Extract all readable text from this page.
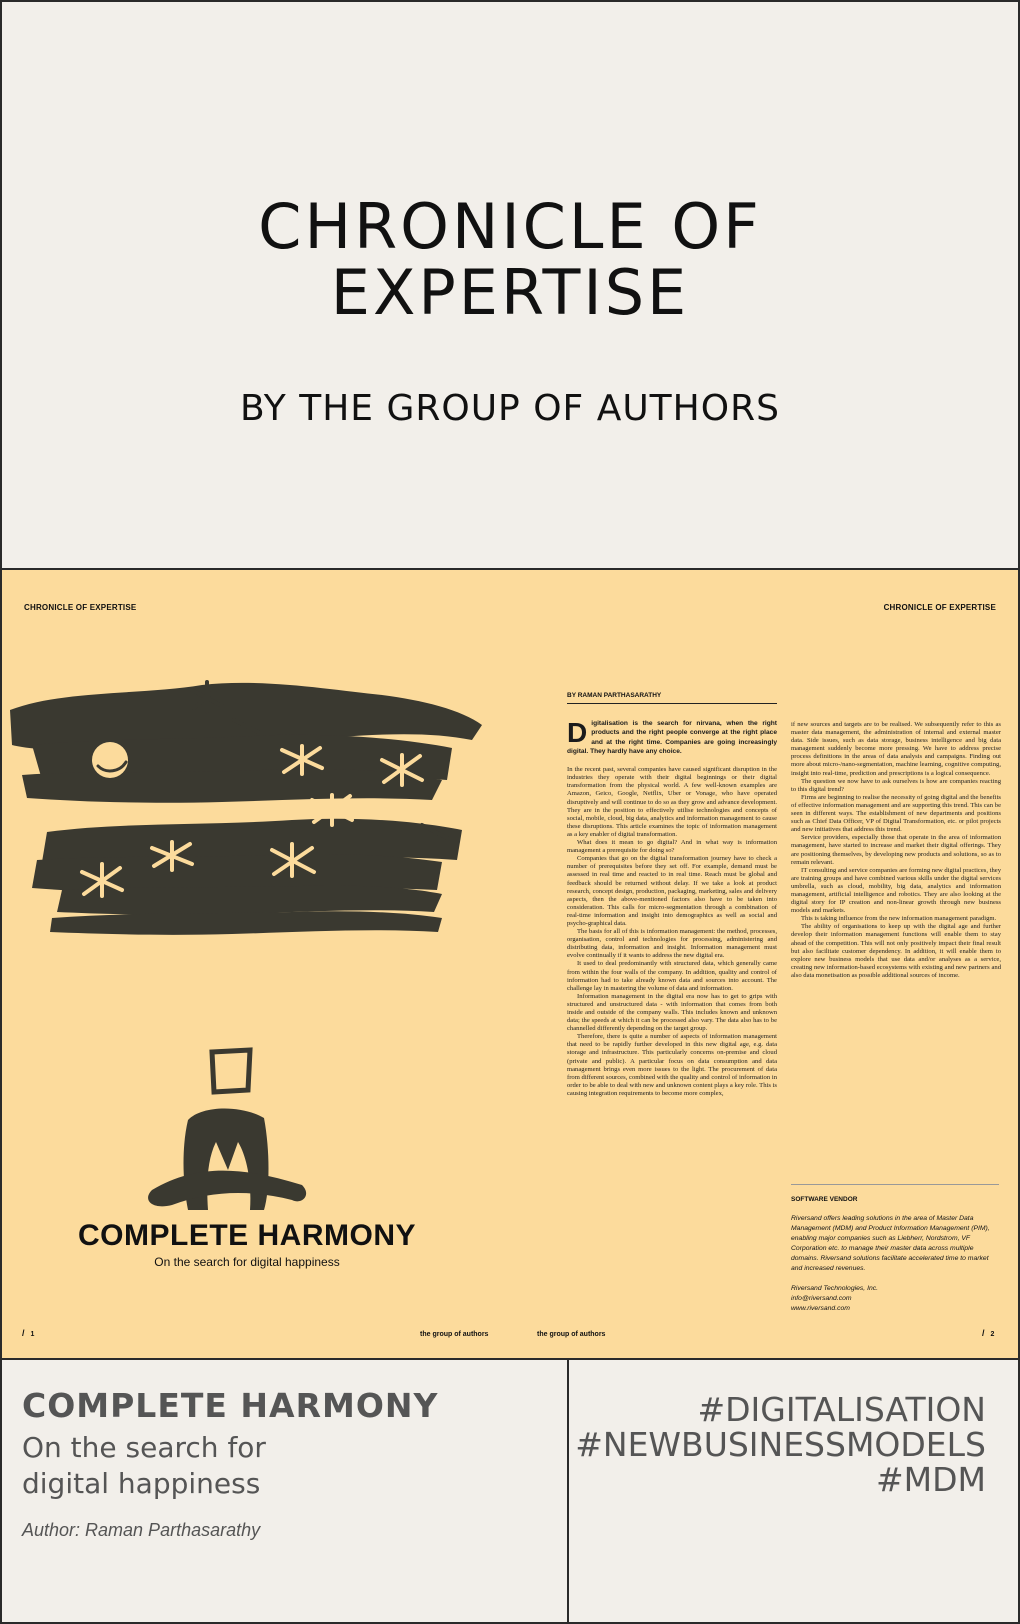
CHRONICLE OF
EXPERTISE
BY THE GROUP OF AUTHORS
CHRONICLE OF EXPERTISE	CHRONICLE OF EXPERTISE
COMPLETE HARMONY
On the search for digital happiness
/ 1	the group of authors	the group of authors	/ 2
BY RAMAN PARTHASARATHY

Digitalisation is the search for nirvana, when the right products and the right people converge at the right place and at the right time. Companies are going increasingly digital. They hardly have any choice.

In the recent past, several companies have caused significant disruption in the industries they operate with their digital beginnings or their digital transformation from the physical world. A few well-known examples are Amazon, Geico, Google, Netflix, Uber or Vonage, who have operated disruptively and will continue to do so as they grow and advance development. They are in the position to effectively utilise technologies and concepts of social, mobile, cloud, big data, analytics and information management to cause these disruptions. This article examines the topic of information management as a key enabler of digital transformation.

What does it mean to go digital? And in what way is information management a prerequisite for doing so?

Companies that go on the digital transformation journey have to check a number of prerequisites before they set off. For example, demand must be assessed in real time and reacted to in real time. Reach must be global and feedback should be returned without delay. If we take a look at product research, concept design, production, packaging, marketing, sales and delivery aspects, then the above-mentioned factors also have to be taken into consideration. This calls for micro-segmentation through a combination of real-time information and insight into demographics as well as social and psycho-graphical data.

The basis for all of this is information management: the method, processes, organisation, control and technologies for processing, administering and distributing data, information and insight. Information management must evolve continually if it wants to address the new digital era.

It used to deal predominantly with structured data, which generally came from within the four walls of the company. In addition, quality and control of information had to take already known data and sources into account. The challenge lay in mastering the volume of data and information.

Information management in the digital era now has to get to grips with structured and unstructured data - with information that comes from both inside and outside of the company walls. This includes known and unknown data; the speeds at which it can be processed also vary. The data also has to be channelled differently depending on the target group.

Therefore, there is quite a number of aspects of information management that need to be rapidly further developed in this new digital age, e.g. data storage and infrastructure. This particularly concerns on-premise and cloud (private and public). A particular focus on data consumption and data management brings even more issues to the light. The procurement of data from different sources, combined with the quality and control of information in order to be able to deal with new and unknown content plays a key role. This is causing integration requirements to become more complex,

if new sources and targets are to be realised. We subsequently refer to this as master data management, the administration of internal and external master data. Side issues, such as data storage, business intelligence and big data management suddenly become more pressing. We have to address precise process definitions in the areas of data analysis and campaigns. Finding out more about micro-/nano-segmentation, machine learning, cognitive computing, insight into real-time, prediction and prescriptions is a logical consequence.

The question we now have to ask ourselves is how are companies reacting to this digital trend?

Firms are beginning to realise the necessity of going digital and the benefits of effective information management and are supporting this trend. This can be seen in different ways. The establishment of new departments and positions such as Chief Data Officer, VP of Digital Transformation, etc. or pilot projects and new initiatives that address this trend.

Service providers, especially those that operate in the area of information management, have started to increase and market their digital offerings. They are positioning themselves, by developing new products and solutions, so as to remain relevant.

IT consulting and service companies are forming new digital practices, they are training groups and have combined various skills under the digital services umbrella, such as cloud, mobility, big data, analytics and information management, artificial intelligence and robotics. They are also looking at the digital story for IP creation and non-linear growth through new business models and markets.

This is taking influence from the new information management paradigm.

The ability of organisations to keep up with the digital age and further develop their information management functions will enable them to stay ahead of the competition. This will not only positively impact their final result but also facilitate customer dependency. In addition, it will enable them to explore new business models that use data and/or analyses as a service, creating new information-based ecosystems with existing and new partners and also data monetisation as possible additional sources of income.

SOFTWARE VENDOR
Riversand offers leading solutions in the area of Master Data Management (MDM) and Product Information Management (PIM), enabling major companies such as Liebherr, Nordstrom, VF Corporation etc. to manage their master data across multiple domains. Riversand solutions facilitate accelerated time to market and increased revenues.
Riversand Technologies, Inc.
info@riversand.com
www.riversand.com
COMPLETE HARMONY
On the search for digital happiness
Author: Raman Parthasarathy
#DIGITALISATION
#NEWBUSINESSMODELS
#MDM
